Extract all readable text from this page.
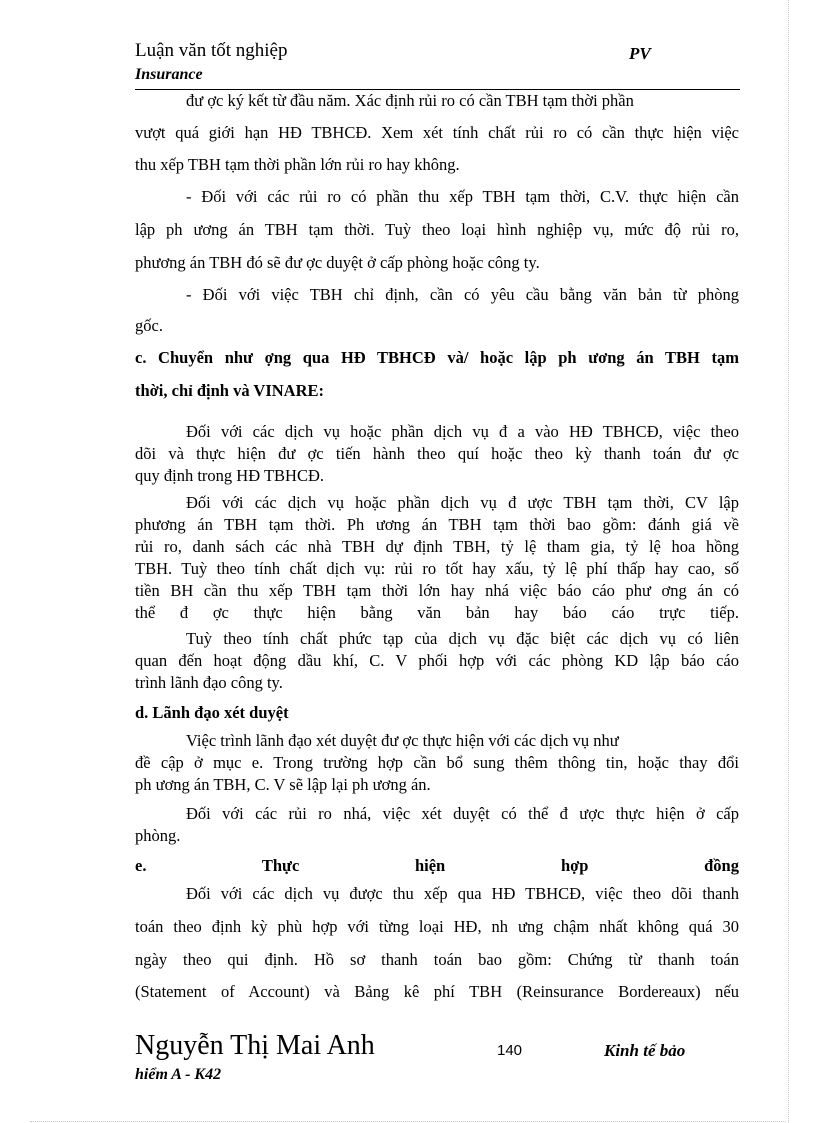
Luận văn tốt nghiệp	PV
Insurance
đư ợc ký kết từ đầu năm. Xác định rủi ro có cần TBH tạm thời phần
vượt quá giới hạn HĐ TBHCĐ. Xem xét tính chất rủi ro có cần thực hiện việc
thu xếp TBH tạm thời phần lớn rủi ro hay không.
- Đối với các rủi ro có phần thu xếp TBH tạm thời, C.V. thực hiện cần
lập ph ương án TBH tạm thời. Tuỳ theo loại hình nghiệp vụ, mức độ rủi ro,
phương án TBH đó sẽ đư ợc duyệt ở cấp phòng hoặc công ty.
- Đối với việc TBH chỉ định, cần có yêu cầu bằng văn bản từ phòng
gốc.
c. Chuyển như ợng qua HĐ TBHCĐ và/ hoặc lập ph ương án TBH tạm
thời, chỉ định và VINARE:
Đối với các dịch vụ hoặc phần dịch vụ đ a vào HĐ TBHCĐ, việc theo
dõi và thực hiện đư ợc tiến hành theo quí hoặc theo kỳ thanh toán đư ợc
quy định trong HĐ TBHCĐ.
Đối với các dịch vụ hoặc phần dịch vụ đ ược TBH tạm thời, CV lập
phương án TBH tạm thời. Ph ương án TBH tạm thời bao gồm: đánh giá về
rủi ro, danh sách các nhà TBH dự định TBH, tỷ lệ tham gia, tỷ lệ hoa hồng
TBH. Tuỳ theo tính chất dịch vụ: rủi ro tốt hay xấu, tỷ lệ phí thấp hay cao, số
tiền BH cần thu xếp TBH tạm thời lớn hay nhá việc báo cáo phư ơng án có
thể đ ợc thực hiện bằng văn bản hay báo cáo trực tiếp.
Tuỳ theo tính chất phức tạp của dịch vụ đặc biệt các dịch vụ có liên
quan đến hoạt động dầu khí, C. V phối hợp với các phòng KD lập báo cáo
trình lãnh đạo công ty.
d. Lãnh đạo xét duyệt
Việc trình lãnh đạo xét duyệt đư ợc thực hiện với các dịch vụ như
đề cập ở mục e. Trong trường hợp cần bổ sung thêm thông tin, hoặc thay đổi
ph ương án TBH, C. V sẽ lập lại ph ương án.
Đối với các rủi ro nhá, việc xét duyệt có thể đ ược thực hiện ở cấp
phòng.
e. Thực hiện hợp đồng
Đối với các dịch vụ được thu xếp qua HĐ TBHCĐ, việc theo dõi thanh
toán theo định kỳ phù hợp với từng loại HĐ, nh ưng chậm nhất không quá 30
ngày theo qui định. Hồ sơ thanh toán bao gồm: Chứng từ thanh toán
(Statement of Account) và Bảng kê phí TBH (Reinsurance Bordereaux) nếu
Nguyễn Thị Mai Anh	140	Kinh tế bảo
hiểm A - K42
